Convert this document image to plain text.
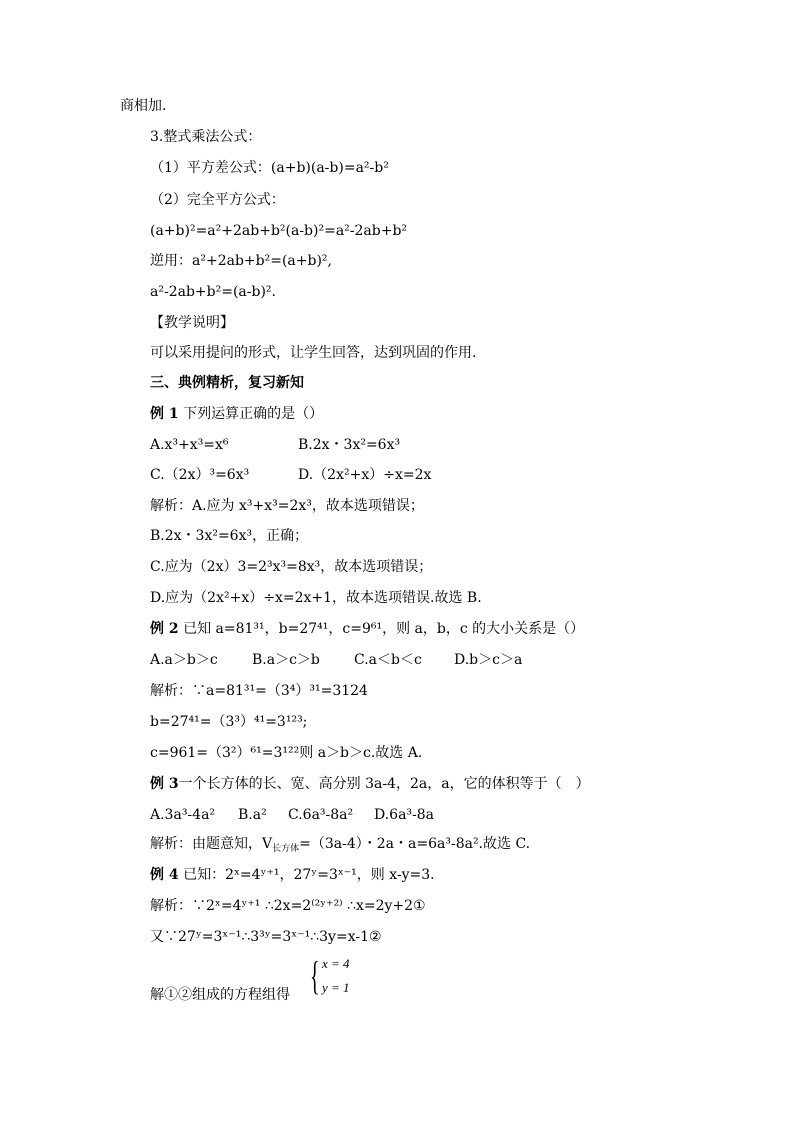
商相加.
3.整式乘法公式：
（1）平方差公式：(a+b)(a-b)=a²-b²
（2）完全平方公式：
(a+b)²=a²+2ab+b²(a-b)²=a²-2ab+b²
逆用：a²+2ab+b²=(a+b)²,
a²-2ab+b²=(a-b)².
【教学说明】
可以采用提问的形式，让学生回答，达到巩固的作用.
三、典例精析，复习新知
例 1 下列运算正确的是（）
A.x³+x³=x⁶	B.2x・3x²=6x³
C.（2x）³=6x³	D.（2x²+x）÷x=2x
解析：A.应为 x³+x³=2x³，故本选项错误；
B.2x・3x²=6x³，正确；
C.应为（2x）3=2³x³=8x³，故本选项错误；
D.应为（2x²+x）÷x=2x+1，故本选项错误.故选 B.
例 2 已知 a=81³¹，b=27⁴¹，c=9⁶¹，则 a，b，c 的大小关系是（）
A.a＞b＞c B.a＞c＞b C.a＜b＜c D.b＞c＞a
解析：∵a=81³¹=（3⁴）³¹=3124
b=27⁴¹=（3³）⁴¹=3¹²³;
c=961=（3²）⁶¹=3¹²²则 a＞b＞c.故选 A.
例 3一个长方体的长、宽、高分别 3a-4，2a，a，它的体积等于（　）
A.3a³-4a² B.a² C.6a³-8a² D.6a³-8a
解析：由题意知，$V_{长方体}=(3a-4)$・2a・a=6a³-8a².故选 C.
例 4 已知：2ˣ=4ʸ⁺¹，27ʸ=3ˣ⁻¹，则 x-y=3.
解析：∵2ˣ=4ʸ⁺¹ ∴2x=2⁽²ʸ⁺²⁾ ∴x=2y+2①
又∵27ʸ=3ˣ⁻¹∴3³ʸ=3ˣ⁻¹∴3y=x-1②
解①②组成的方程组得 { x = 4
y = 1
